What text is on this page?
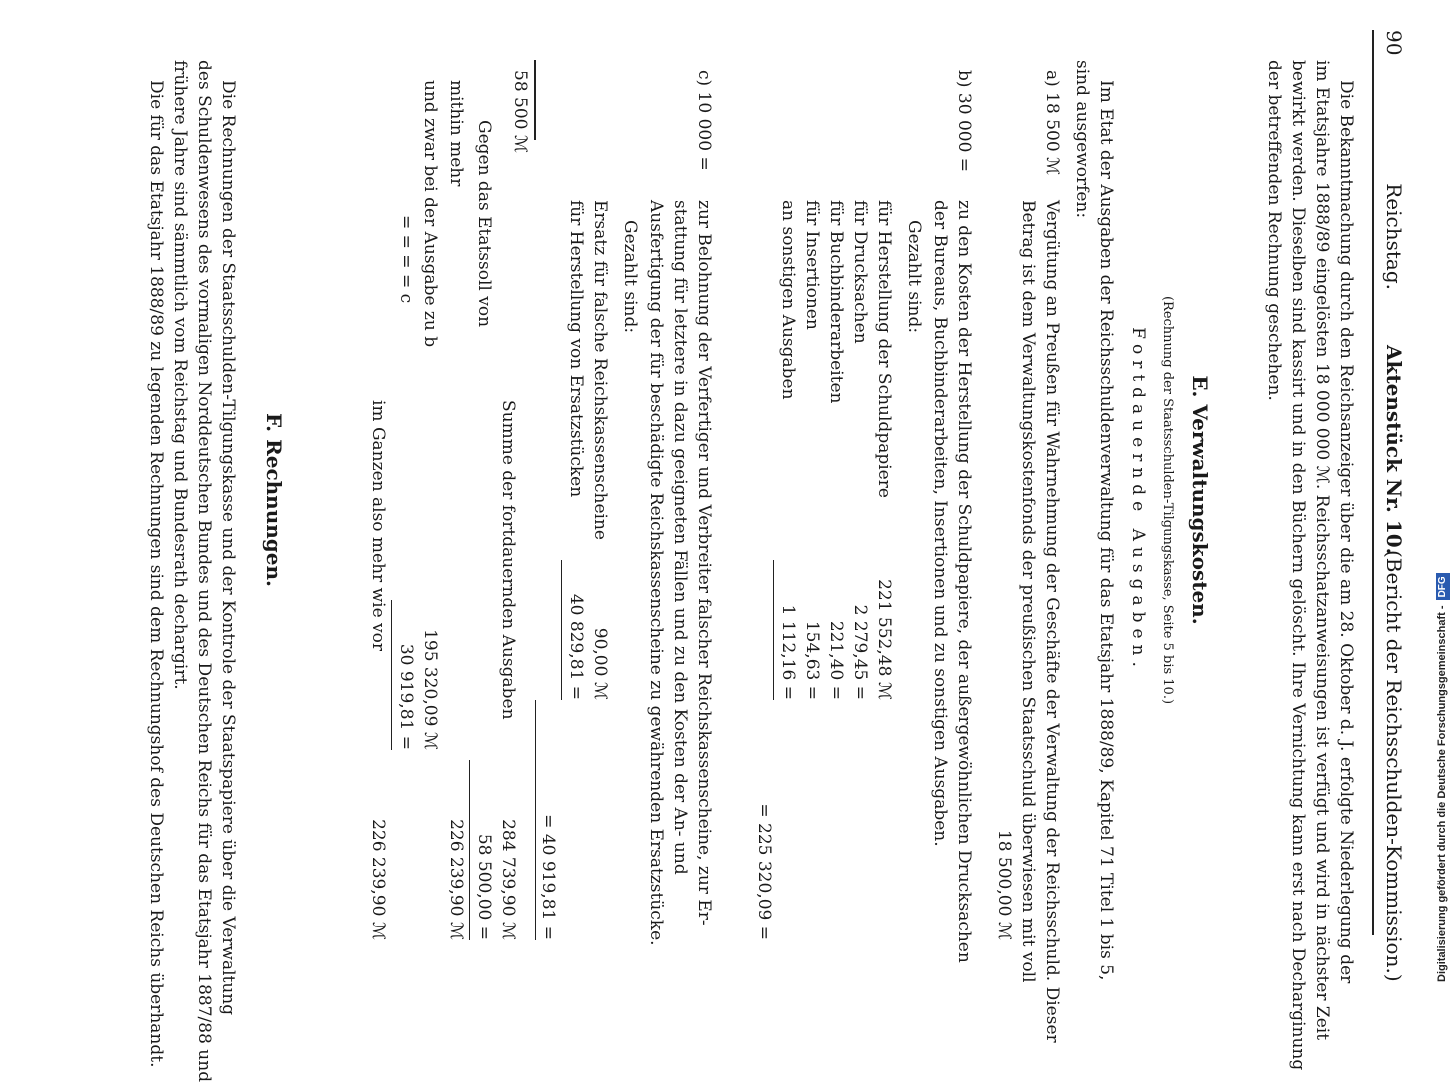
90
Reichstag.
Aktenstück Nr. 10.
(Bericht der Reichsschulden-Kommission.)
Die Bekanntmachung durch den Reichsanzeiger über die am 28. Oktober d. J. erfolgte Niederlegung der
im Etatsjahre 1888/89 eingelösten 18 000 000 ℳ. Reichsschatzanweisungen ist verfügt und wird in nächster Zeit
bewirkt werden. Dieselben sind kassirt und in den Büchern gelöscht. Ihre Vernichtung kann erst nach Decharginung
der betreffenden Rechnung geschehen.
E. Verwaltungskosten.
(Rechnung der Staatsschulden-Tilgungskasse, Seite 5 bis 10.)
Fortdauernde Ausgaben.
Im Etat der Ausgaben der Reichsschuldenverwaltung für das Etatsjahr 1888/89, Kapitel 71 Titel 1 bis 5,
sind ausgeworfen:
a) 18 500 ℳ
Vergütung an Preußen für Wahrnehmung der Geschäfte der Verwaltung der Reichsschuld. Dieser
Betrag ist dem Verwaltungskostenfonds der preußischen Staatsschuld überwiesen mit voll
18 500,00 ℳ
b) 30 000 =
zu den Kosten der Herstellung der Schuldpapiere, der außergewöhnlichen Drucksachen
der Bureaus, Buchbinderarbeiten, Insertionen und zu sonstigen Ausgaben.
Gezahlt sind:
für Herstellung der Schuldpapiere
221 552,48 ℳ
für Drucksachen
2 279,45 =
für Buchbinderarbeiten
221,40 =
für Insertionen
154,63 =
an sonstigen Ausgaben
1 112,16 =
= 225 320,09 =
c) 10 000 =
zur Belohnung der Verfertiger und Verbreiter falscher Reichskassenscheine, zur Er-
stattung für letztere in dazu geeigneten Fällen und zu den Kosten der An- und
Ausfertigung der für beschädigte Reichskassenscheine zu gewährenden Ersatzstücke.
Gezahlt sind:
Ersatz für falsche Reichskassenscheine
90,00 ℳ
für Herstellung von Ersatzstücken
40 829,81 =
= 40 919,81 =
58 500 ℳ
Summe der fortdauernden Ausgaben
284 739,90 ℳ
Gegen das Etatssoll von
58 500,00 =
mithin mehr
226 239,90 ℳ
und zwar bei der Ausgabe zu b
195 320,09 ℳ
= = = = c
30 919,81 =
im Ganzen also mehr wie vor
226 239,90 ℳ
F. Rechnungen.
Die Rechnungen der Staatsschulden-Tilgungskasse und der Kontrole der Staatspapiere über die Verwaltung
des Schuldenwesens des vormaligen Norddeutschen Bundes und des Deutschen Reichs für das Etatsjahr 1887/88 und
frühere Jahre sind sämmtlich vom Reichstag und Bundesrath dechargirt.
Die für das Etatsjahr 1888/89 zu legenden Rechnungen sind dem Rechnungshof des Deutschen Reichs überhandt.	Digitalisierung gefördert durch die Deutsche Forschungsgemeinschaft - DFG
